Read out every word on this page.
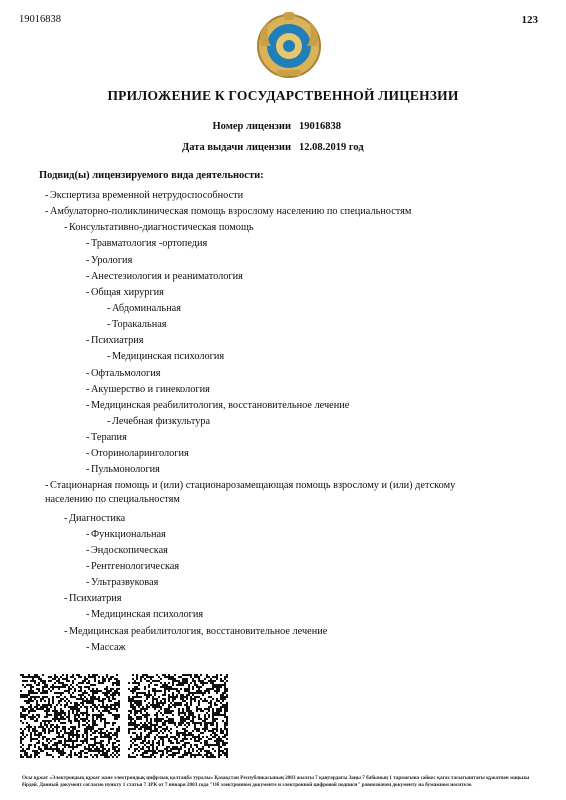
19016838	123
ПРИЛОЖЕНИЕ К ГОСУДАРСТВЕННОЙ ЛИЦЕНЗИИ
Номер лицензии 19016838
Дата выдачи лицензии 12.08.2019 год
Подвид(ы) лицензируемого вида деятельности:
- Экспертиза временной нетрудоспособности
- Амбулаторно-поликлиническая помощь взрослому населению по специальностям
- Консультативно-диагностическая помощь
- Травматология -ортопедия
- Урология
- Анестезиология и реаниматология
- Общая хирургия
- Абдоминальная
- Торакальная
- Психиатрия
- Медицинская психология
- Офтальмология
- Акушерство и гинекология
- Медицинская реабилитология, восстановительное лечение
- Лечебная физкультура
- Терапия
- Оториноларингология
- Пульмонология
- Стационарная помощь и (или) стационарозамещающая помощь взрослому и (или) детскому населению по специальностям
- Диагностика
- Функциональная
- Эндоскопическая
- Рентгенологическая
- Ультразвуковая
- Психиатрия
- Медицинская психология
- Медицинская реабилитология, восстановительное лечение
- Массаж
Осы құжат «Электрондық құжат және электрондық цифрлық қолтаңба туралы» Қазақстан Республикасының 2003 жылғы 7 қаңтардағы Заңы 7 бабының 1 тармағына сәйкес қағаз тасығыштағы құжатпен маңызы бірдей. Данный документ согласно пункту 1 статьи 7 ЗРК от 7 января 2003 года "Об электронном документе и электронной цифровой подписи" равнозначен документу на бумажном носителе.
